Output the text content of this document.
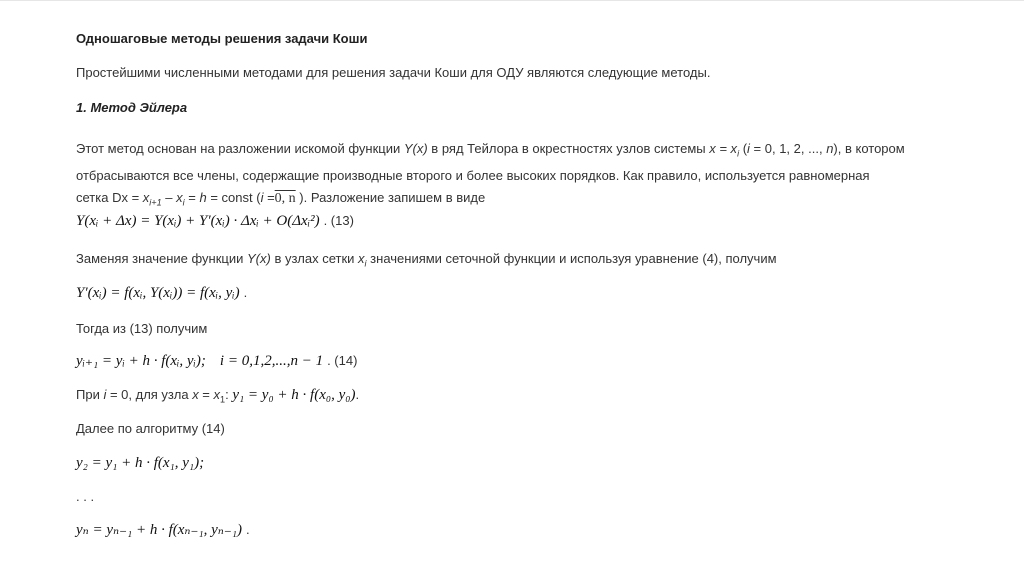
Одношаговые методы решения задачи Коши
Простейшими численными методами для решения задачи Коши для ОДУ являются следующие методы.
1. Метод Эйлера
Этот метод основан на разложении искомой функции Y(x) в ряд Тейлора в окрестностях узлов системы $x = x_i$ (i = 0, 1, 2, ..., n), в котором
отбрасываются все члены, содержащие производные второго и более высоких порядков. Как правило, используется равномерная
сетка $Dx = x_{i+1} - x_i = h$ = const (i =0, n ). Разложение запишем в виде
Y(xᵢ + Δx) = Y(xᵢ) + Y′(xᵢ) · Δxᵢ + O(Δxᵢ²) . (13)
Заменяя значение функции Y(x) в узлах сетки $x_i$ значениями сеточной функции и используя уравнение (4), получим
Y′(xᵢ) = f(xᵢ, Y(xᵢ)) = f(xᵢ, yᵢ) .
Тогда из (13) получим
yᵢ₊₁ = yᵢ + h · f(xᵢ, yᵢ); i = 0,1,2,...,n − 1 . (14)
При i = 0, для узла $x = x_1$: y₁ = y₀ + h · f(x₀, y₀).
Далее по алгоритму (14)
y₂ = y₁ + h · f(x₁, y₁);
. . .
yₙ = yₙ₋₁ + h · f(xₙ₋₁, yₙ₋₁) .
